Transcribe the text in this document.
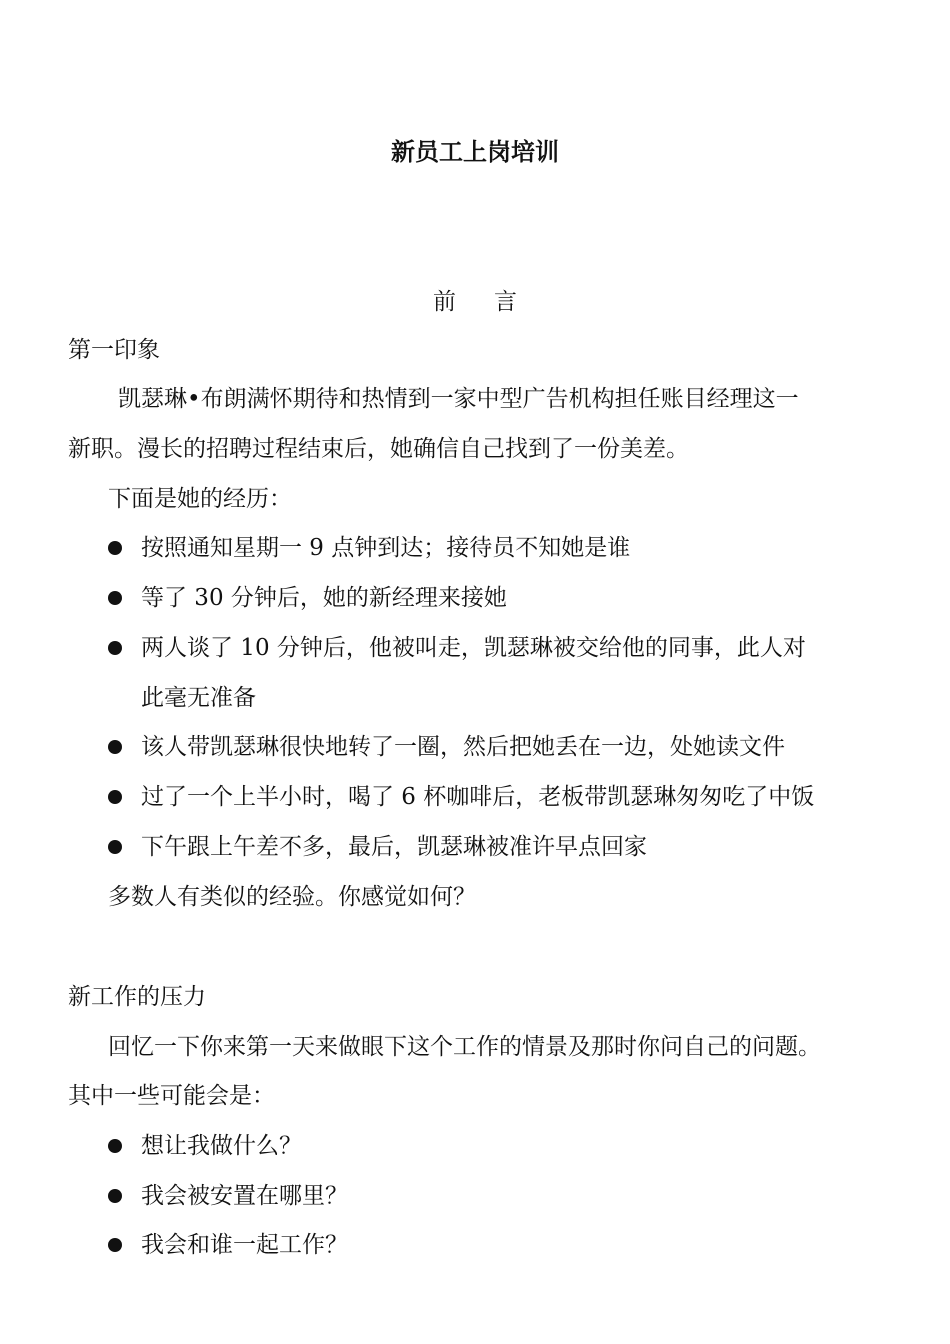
新员工上岗培训
前 言
第一印象
凯瑟琳•布朗满怀期待和热情到一家中型广告机构担任账目经理这一
新职。漫长的招聘过程结束后，她确信自己找到了一份美差。
下面是她的经历：
按照通知星期一 9 点钟到达；接待员不知她是谁
等了 30 分钟后，她的新经理来接她
两人谈了 10 分钟后，他被叫走，凯瑟琳被交给他的同事，此人对
此毫无准备
该人带凯瑟琳很快地转了一圈，然后把她丢在一边，处她读文件
过了一个上半小时，喝了 6 杯咖啡后，老板带凯瑟琳匆匆吃了中饭
下午跟上午差不多，最后，凯瑟琳被准许早点回家
多数人有类似的经验。你感觉如何？
新工作的压力
回忆一下你来第一天来做眼下这个工作的情景及那时你问自己的问题。
其中一些可能会是：
想让我做什么？
我会被安置在哪里？
我会和谁一起工作？
